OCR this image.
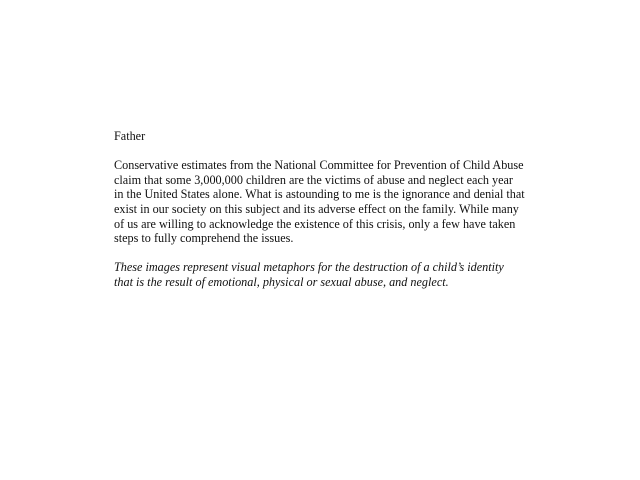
Father
Conservative estimates from the National Committee for Prevention of Child Abuse
claim that some 3,000,000 children are the victims of abuse and neglect each year
in the United States alone. What is astounding to me is the ignorance and denial that
exist in our society on this subject and its adverse effect on the family. While many
of us are willing to acknowledge the existence of this crisis, only a few have taken
steps to fully comprehend the issues.
These images represent visual metaphors for the destruction of a child’s identity
that is the result of emotional, physical or sexual abuse, and neglect.
